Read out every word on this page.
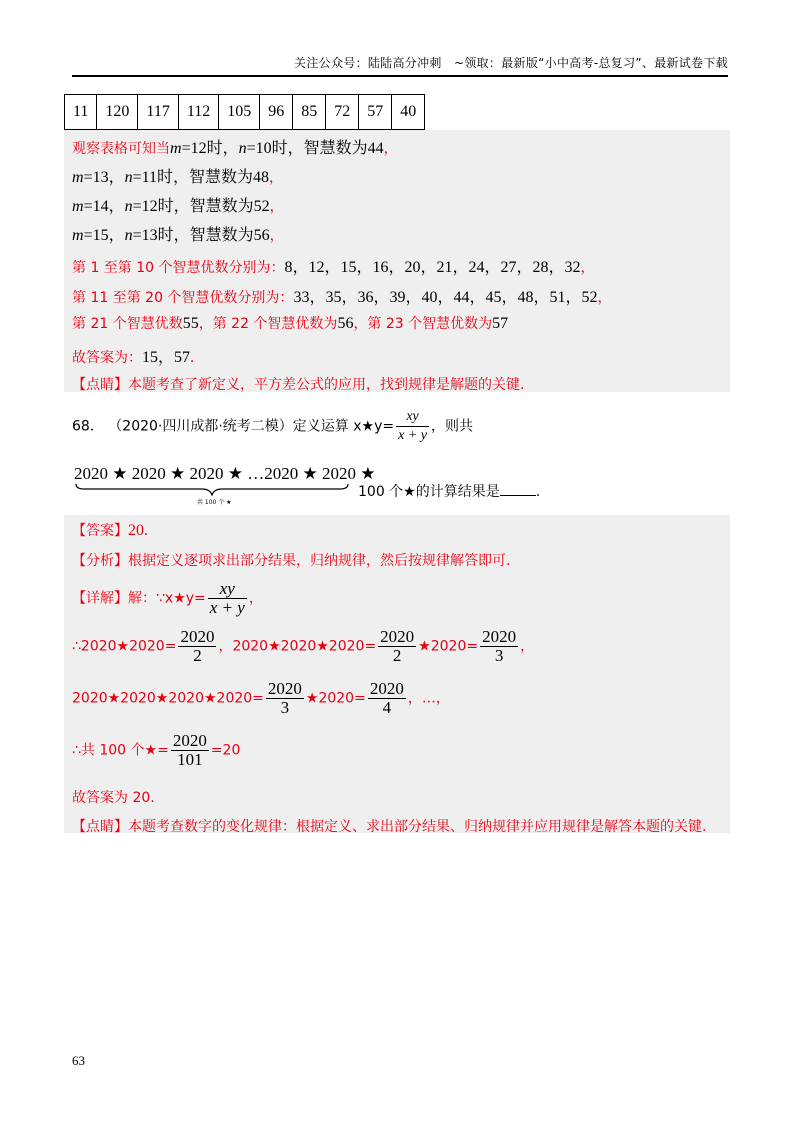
关注公众号：陆陆高分冲刺　~领取：最新版“小中高考-总复习”、最新试卷下载
11	120	117	112	105	96	85	72	57	40
观察表格可知当m=12时，n=10时，智慧数为44，
m=13，n=11时，智慧数为48，
m=14，n=12时，智慧数为52，
m=15，n=13时，智慧数为56，
第 1 至第 10 个智慧优数分别为：8，12，15，16，20，21，24，27，28，32，
第 11 至第 20 个智慧优数分别为：33，35，36，39，40，44，45，48，51，52，
第 21 个智慧优数55，第 22 个智慧优数为56，第 23 个智慧优数为57
故答案为：15，57．
【点睛】本题考查了新定义，平方差公式的应用，找到规律是解题的关键.
68． （2020·四川成都·统考二模）定义运算 x★y= $\frac{xy}{x + y}$ ，则共
2020 ★ 2020 ★ 2020 ★ …2020 ★ 2020 ★
共 100 个 ★
100 个★的计算结果是	.
【答案】20.
【分析】根据定义逐项求出部分结果，归纳规律，然后按规律解答即可.
【详解】解：∵x★y= $\frac{xy}{x + y}$ ，
∴2020★2020= $\frac{2020}{2}$ ，2020★2020★2020= $\frac{2020}{2}$ ★2020= $\frac{2020}{3}$ ，
2020★2020★2020★2020= $\frac{2020}{3}$ ★2020= $\frac{2020}{4}$ ，…，
∴共 100 个★= $\frac{2020}{101} =20$
故答案为 20.
【点睛】本题考查数字的变化规律：根据定义、求出部分结果、归纳规律并应用规律是解答本题的关键.
63
